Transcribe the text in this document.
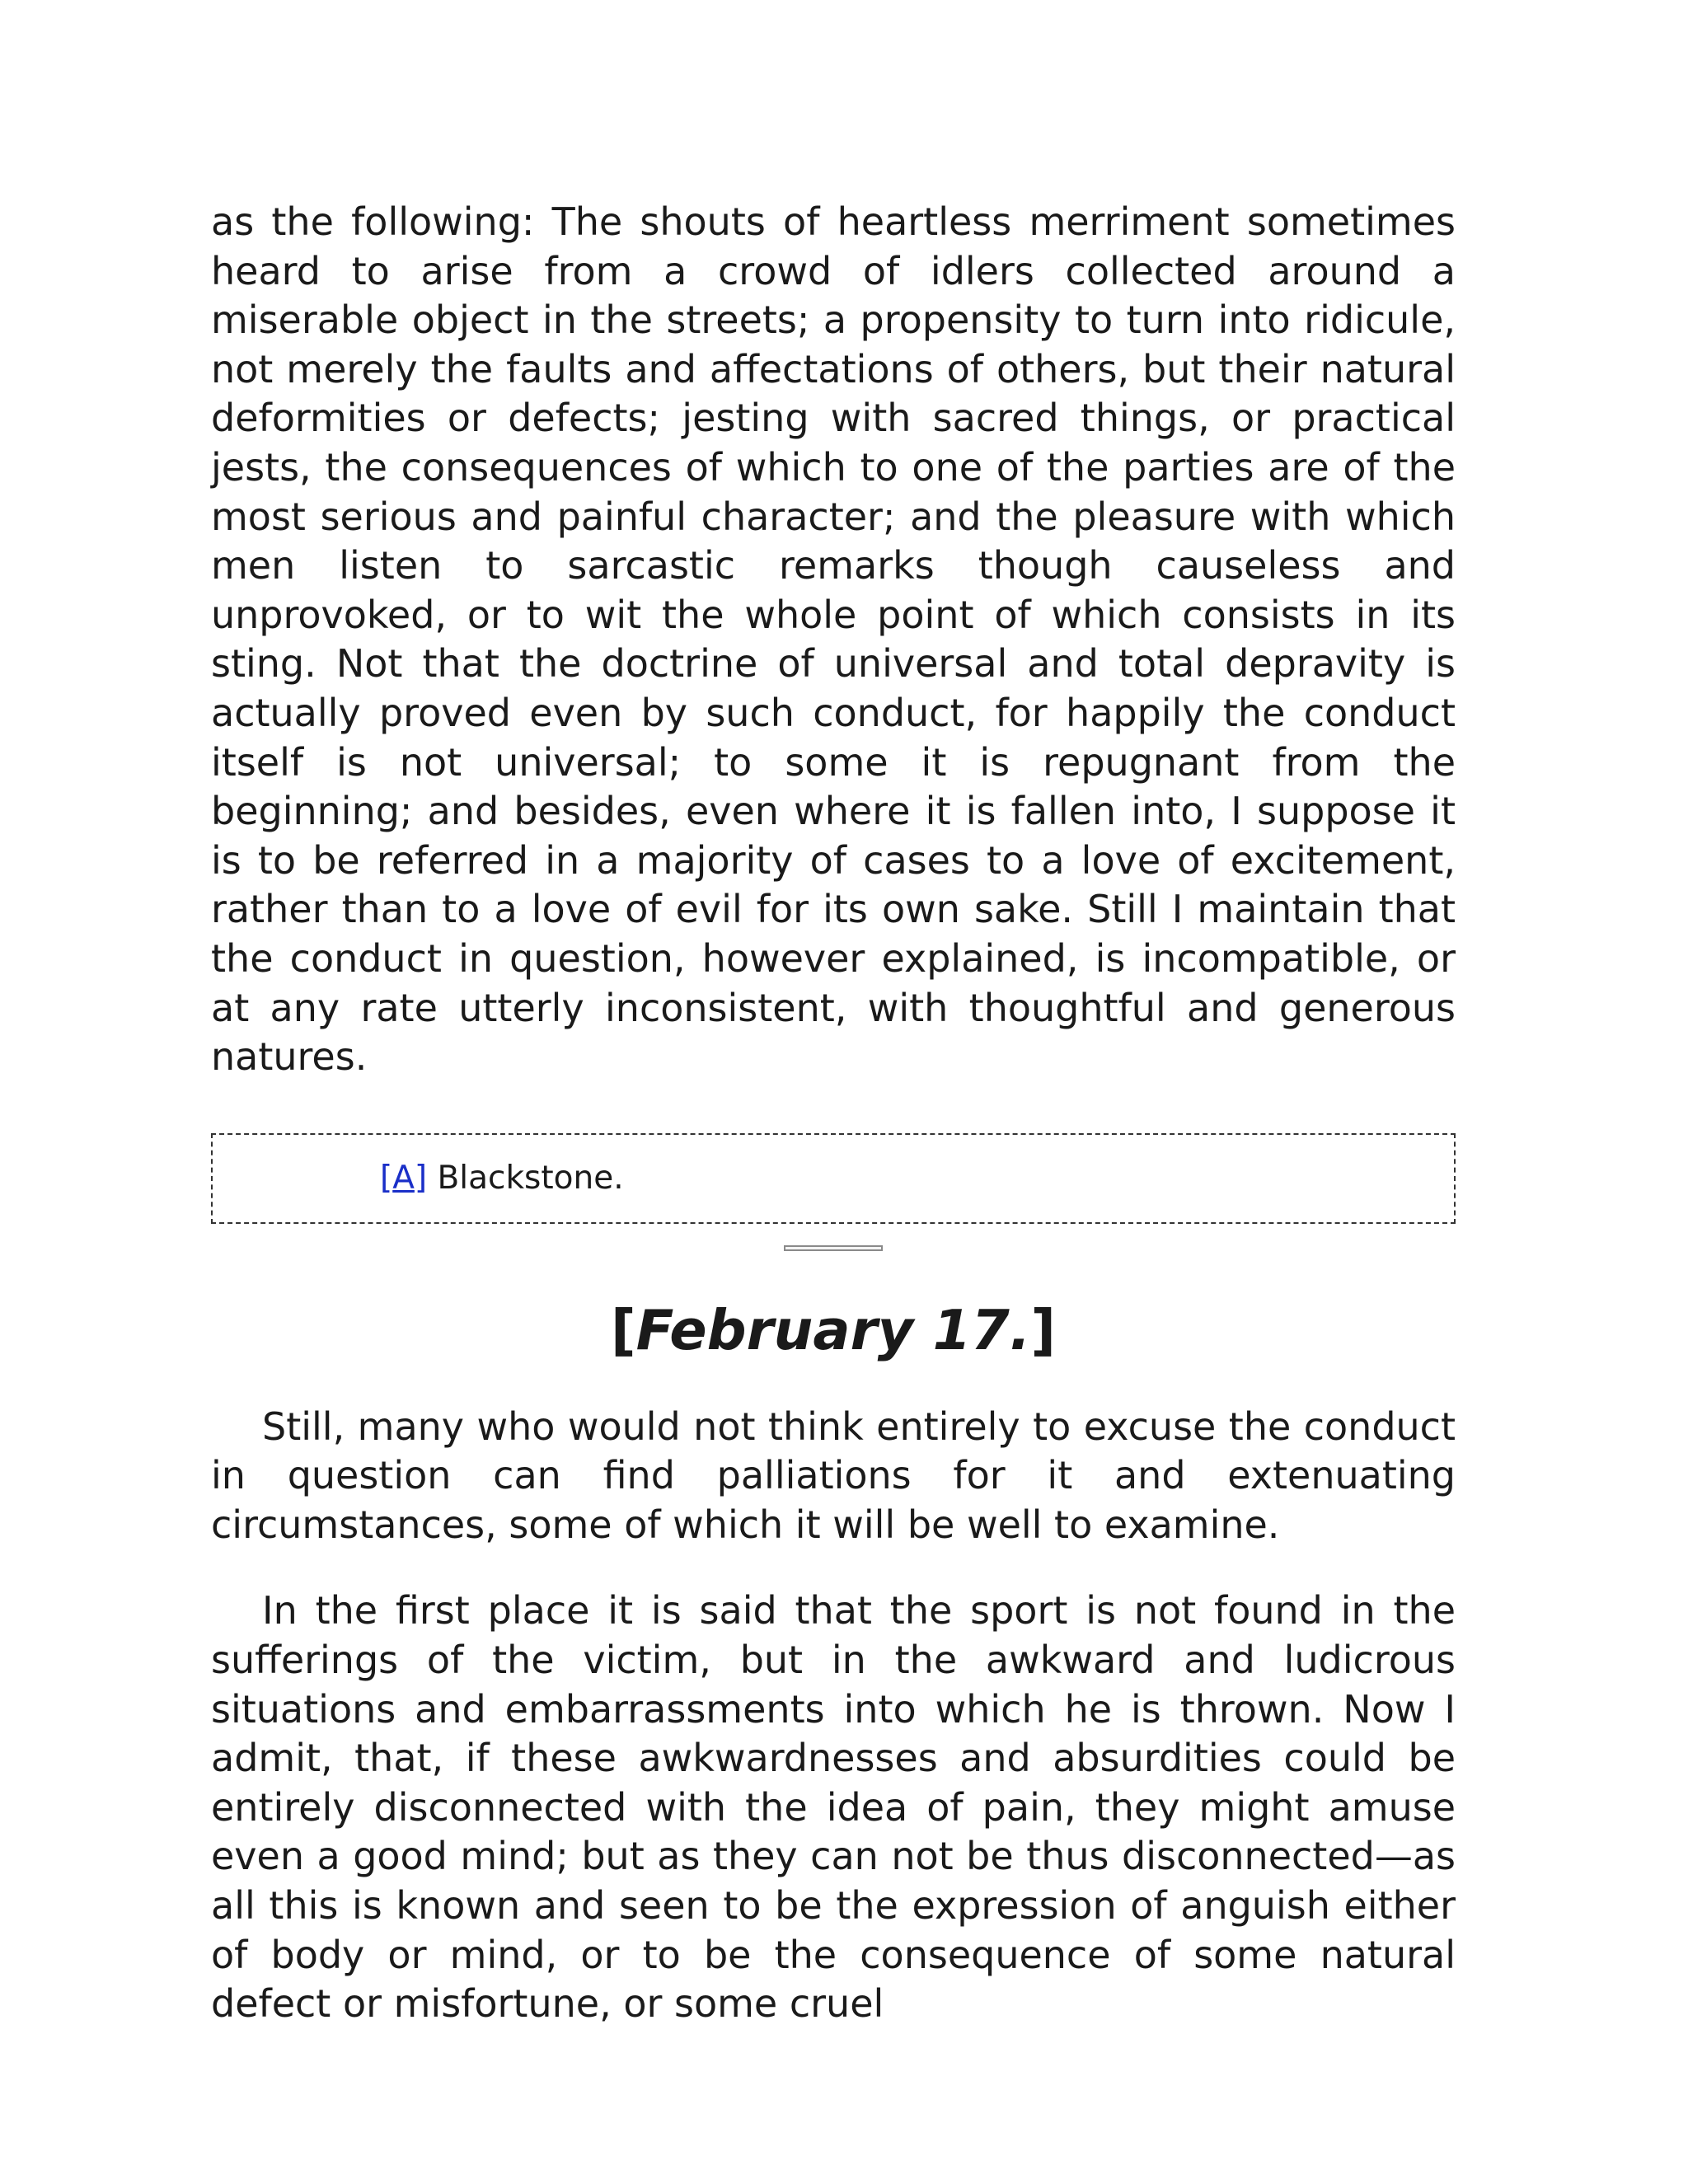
as the following: The shouts of heartless merriment sometimes heard to arise from a crowd of idlers collected around a miserable object in the streets; a propensity to turn into ridicule, not merely the faults and affectations of others, but their natural deformities or defects; jesting with sacred things, or practical jests, the consequences of which to one of the parties are of the most serious and painful character; and the pleasure with which men listen to sarcastic remarks though causeless and unprovoked, or to wit the whole point of which consists in its sting. Not that the doctrine of universal and total depravity is actually proved even by such conduct, for happily the conduct itself is not universal; to some it is repugnant from the beginning; and besides, even where it is fallen into, I suppose it is to be referred in a majority of cases to a love of excitement, rather than to a love of evil for its own sake. Still I maintain that the conduct in question, however explained, is incompatible, or at any rate utterly inconsistent, with thoughtful and generous natures.

[A] Blackstone.
[February 17.]

Still, many who would not think entirely to excuse the conduct in question can find palliations for it and extenuating circumstances, some of which it will be well to examine.

In the first place it is said that the sport is not found in the sufferings of the victim, but in the awkward and ludicrous situations and embarrassments into which he is thrown. Now I admit, that, if these awkwardnesses and absurdities could be entirely disconnected with the idea of pain, they might amuse even a good mind; but as they can not be thus disconnected—as all this is known and seen to be the expression of anguish either of body or mind, or to be the consequence of some natural defect or misfortune, or some cruel
